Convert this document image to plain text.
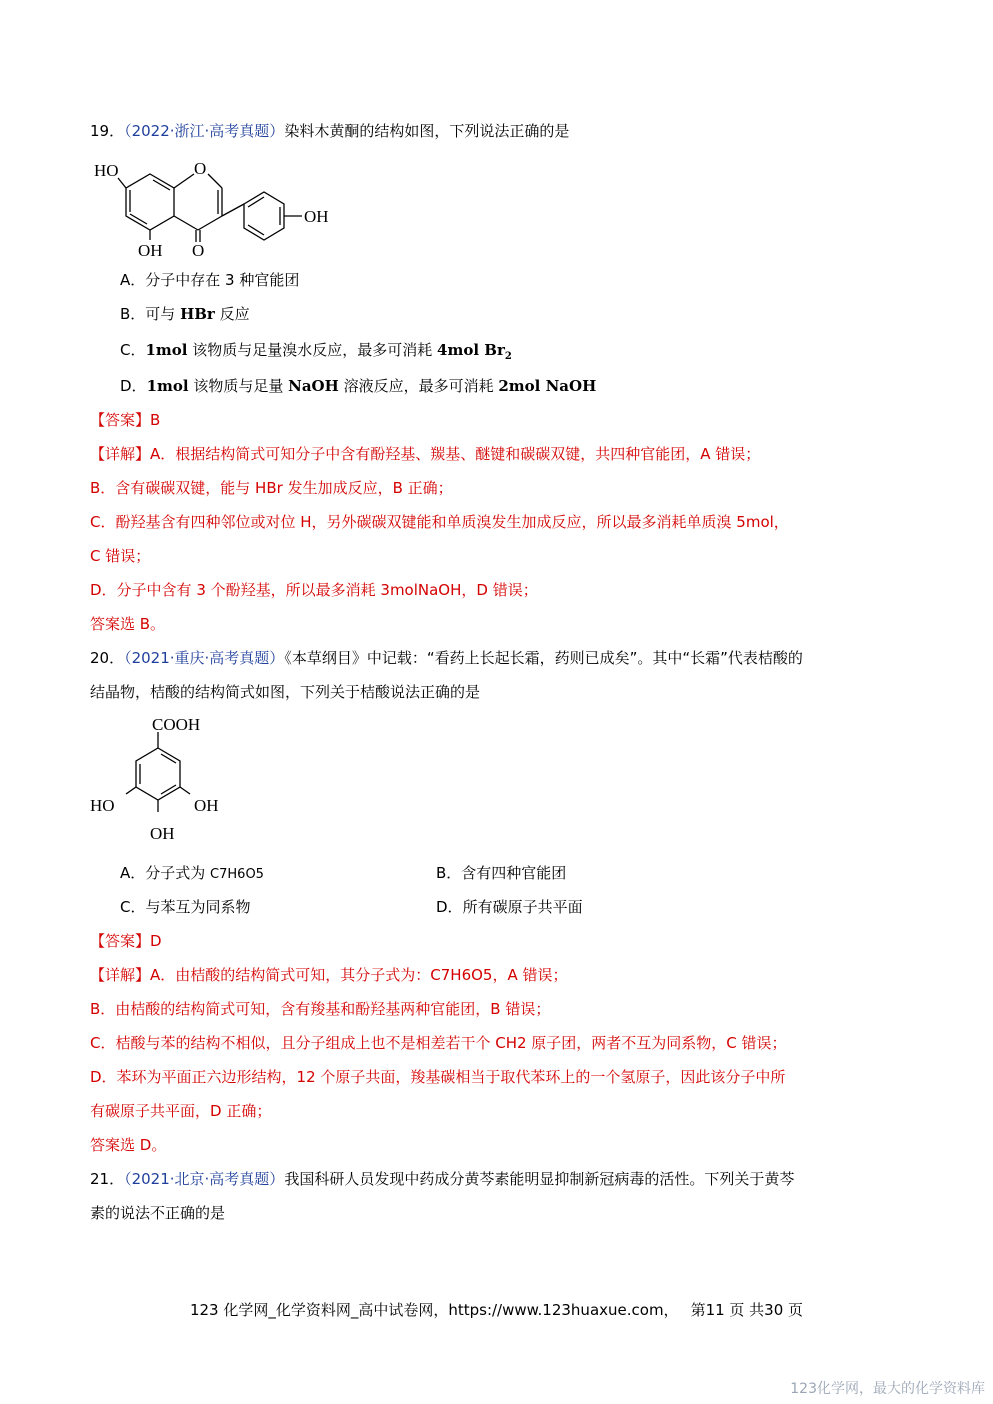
19．（2022·浙江·高考真题）染料木黄酮的结构如图，下列说法正确的是
HO	O
OH
OH O
A．分子中存在 3 种官能团
B．可与 HBr 反应
C．1mol 该物质与足量溴水反应，最多可消耗 4mol $Br_2$
D．1mol 该物质与足量 NaOH 溶液反应，最多可消耗 2mol NaOH
【答案】B
【详解】A．根据结构简式可知分子中含有酚羟基、羰基、醚键和碳碳双键，共四种官能团，A 错误；
B．含有碳碳双键，能与 HBr 发生加成反应，B 正确；
C．酚羟基含有四种邻位或对位 H，另外碳碳双键能和单质溴发生加成反应，所以最多消耗单质溴 5mol，
C 错误；
D．分子中含有 3 个酚羟基，所以最多消耗 3molNaOH，D 错误；
答案选 B。
20．（2021·重庆·高考真题）《本草纲目》中记载：“看药上长起长霜，药则已成矣”。其中“长霜”代表桔酸的
结晶物，桔酸的结构简式如图，下列关于桔酸说法正确的是
COOH
HO	OH
OH
A．分子式为 C7H6O5	B．含有四种官能团
C．与苯互为同系物	D．所有碳原子共平面
【答案】D
【详解】A．由桔酸的结构简式可知，其分子式为：C7H6O5，A 错误；
B．由桔酸的结构简式可知，含有羧基和酚羟基两种官能团，B 错误；
C．桔酸与苯的结构不相似，且分子组成上也不是相差若干个 CH2 原子团，两者不互为同系物，C 错误；
D．苯环为平面正六边形结构，12 个原子共面，羧基碳相当于取代苯环上的一个氢原子，因此该分子中所
有碳原子共平面，D 正确；
答案选 D。
21．（2021·北京·高考真题）我国科研人员发现中药成分黄芩素能明显抑制新冠病毒的活性。下列关于黄芩
素的说法不正确的是
123 化学网_化学资料网_高中试卷网，https://www.123huaxue.com， 第11 页 共30 页
123化学网，最大的化学资料库
